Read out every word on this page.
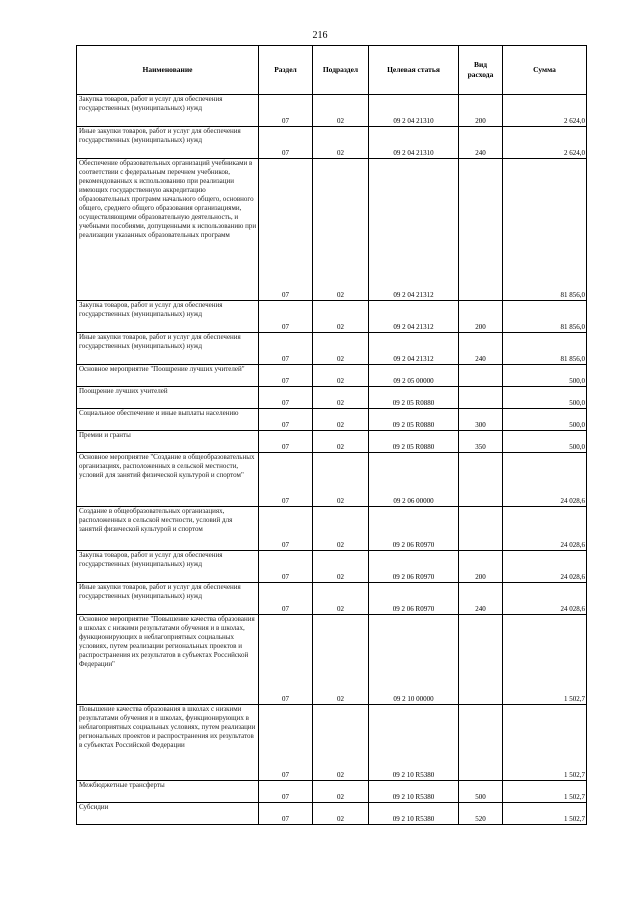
216
Наименование	Раздел	Подраздел	Целевая статья	Вид расхода	Сумма

Закупка товаров, работ и услуг для обеспечения государственных (муниципальных) нужд	07	02	09 2 04 21310	200	2 624,0

Иные закупки товаров, работ и услуг для обеспечения государственных (муниципальных) нужд	07	02	09 2 04 21310	240	2 624,0

Обеспечение образовательных организаций учебниками в соответствии с федеральным перечнем учебников, рекомендованных к использованию при реализации имеющих государственную аккредитацию образовательных программ начального общего, основного общего, среднего общего образования организациями, осуществляющими образовательную деятельность, и учебными пособиями, допущенными к использованию при реализации указанных образовательных программ	07	02	09 2 04 21312		81 856,0

Закупка товаров, работ и услуг для обеспечения государственных (муниципальных) нужд	07	02	09 2 04 21312	200	81 856,0

Иные закупки товаров, работ и услуг для обеспечения государственных (муниципальных) нужд	07	02	09 2 04 21312	240	81 856,0

Основное мероприятие "Поощрение лучших учителей"	07	02	09 2 05 00000		500,0

Поощрение лучших учителей	07	02	09 2 05 R0880		500,0

Социальное обеспечение и иные выплаты населению	07	02	09 2 05 R0880	300	500,0

Премии и гранты	07	02	09 2 05 R0880	350	500,0

Основное мероприятие "Создание в общеобразовательных организациях, расположенных в сельской местности, условий для занятий физической культурой и спортом"	07	02	09 2 06 00000		24 028,6

Создание в общеобразовательных организациях, расположенных в сельской местности, условий для занятий физической культурой и спортом	07	02	09 2 06 R0970		24 028,6

Закупка товаров, работ и услуг для обеспечения государственных (муниципальных) нужд	07	02	09 2 06 R0970	200	24 028,6

Иные закупки товаров, работ и услуг для обеспечения государственных (муниципальных) нужд	07	02	09 2 06 R0970	240	24 028,6

Основное мероприятие "Повышение качества образования в школах с низкими результатами обучения и в школах, функционирующих в неблагоприятных социальных условиях, путем реализации региональных проектов и распространения их результатов в субъектах Российской Федерации"	07	02	09 2 10 00000		1 502,7

Повышение качества образования в школах с низкими результатами обучения и в школах, функционирующих в неблагоприятных социальных условиях, путем реализации региональных проектов и распространения их результатов в субъектах Российской Федерации	07	02	09 2 10 R5380		1 502,7

Межбюджетные трансферты	07	02	09 2 10 R5380	500	1 502,7

Субсидии	07	02	09 2 10 R5380	520	1 502,7
